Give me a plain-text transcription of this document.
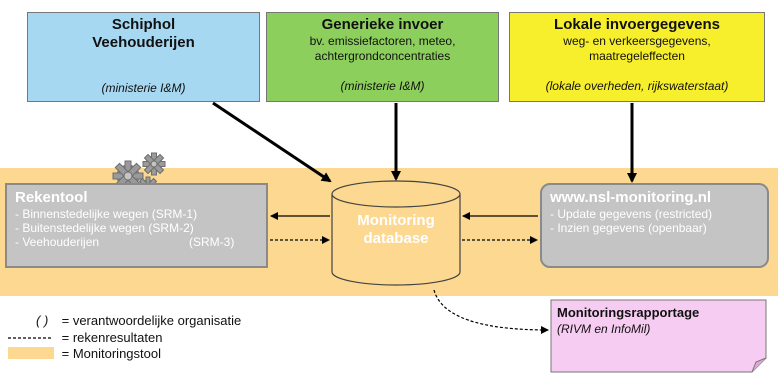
Schiphol
Veehouderijen
(ministerie I&M)
Generieke invoer
bv. emissiefactoren, meteo,
achtergrondconcentraties
(ministerie I&M)
Lokale invoergegevens
weg- en verkeersgegevens,
maatregeleffecten
(lokale overheden, rijkswaterstaat)
Rekentool
- Binnenstedelijke wegen (SRM-1)
- Buitenstedelijke wegen (SRM-2)
- Veehouderijen	(SRM-3)
www.nsl-monitoring.nl
- Update gegevens (restricted)
- Inzien gegevens (openbaar)
Monitoring
database
Monitoringsrapportage
(RIVM en InfoMil)
( ) = verantwoordelijke organisatie
= rekenresultaten
= Monitoringstool
